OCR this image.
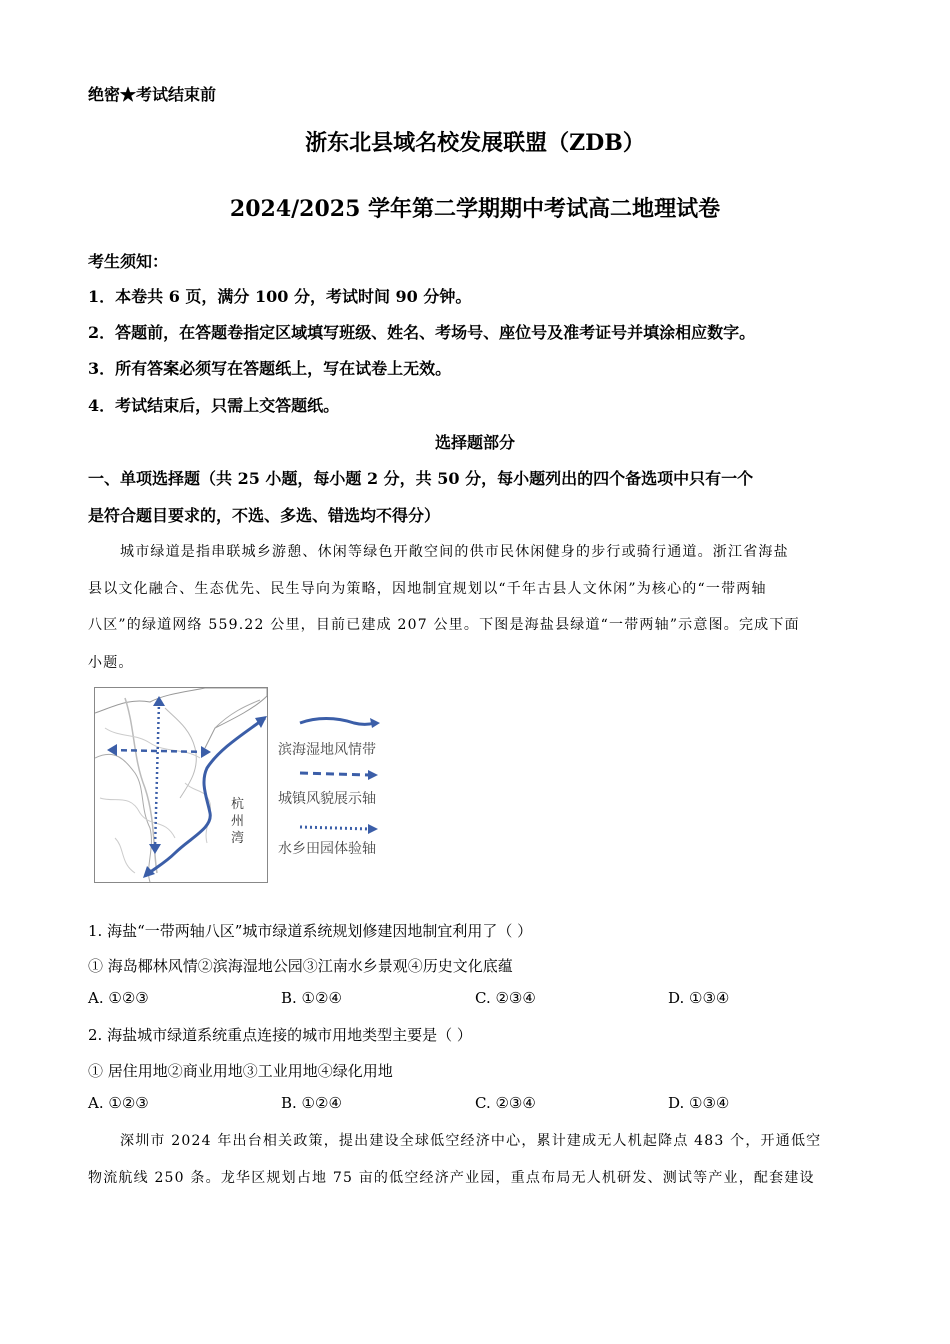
绝密★考试结束前
浙东北县域名校发展联盟（ZDB）
2024/2025 学年第二学期期中考试高二地理试卷
考生须知：
1．本卷共 6 页，满分 100 分，考试时间 90 分钟。
2．答题前，在答题卷指定区域填写班级、姓名、考场号、座位号及准考证号并填涂相应数字。
3．所有答案必须写在答题纸上，写在试卷上无效。
4．考试结束后，只需上交答题纸。
选择题部分
一、单项选择题（共 25 小题，每小题 2 分，共 50 分，每小题列出的四个备选项中只有一个
是符合题目要求的，不选、多选、错选均不得分）
城市绿道是指串联城乡游憩、休闲等绿色开敞空间的供市民休闲健身的步行或骑行通道。浙江省海盐
县以文化融合、生态优先、民生导向为策略，因地制宜规划以“千年古县人文休闲”为核心的“一带两轴
八区”的绿道网络 559.22 公里，目前已建成 207 公里。下图是海盐县绿道“一带两轴”示意图。完成下面
小题。
杭州湾
滨海湿地风情带
城镇风貌展示轴
水乡田园体验轴
1. 海盐“一带两轴八区”城市绿道系统规划修建因地制宜利用了（ ）
① 海岛椰林风情②滨海湿地公园③江南水乡景观④历史文化底蕴
A. ①②③	B. ①②④	C. ②③④	D. ①③④
2. 海盐城市绿道系统重点连接的城市用地类型主要是（ ）
① 居住用地②商业用地③工业用地④绿化用地
A. ①②③	B. ①②④	C. ②③④	D. ①③④
深圳市 2024 年出台相关政策，提出建设全球低空经济中心，累计建成无人机起降点 483 个，开通低空
物流航线 250 条。龙华区规划占地 75 亩的低空经济产业园，重点布局无人机研发、测试等产业，配套建设
